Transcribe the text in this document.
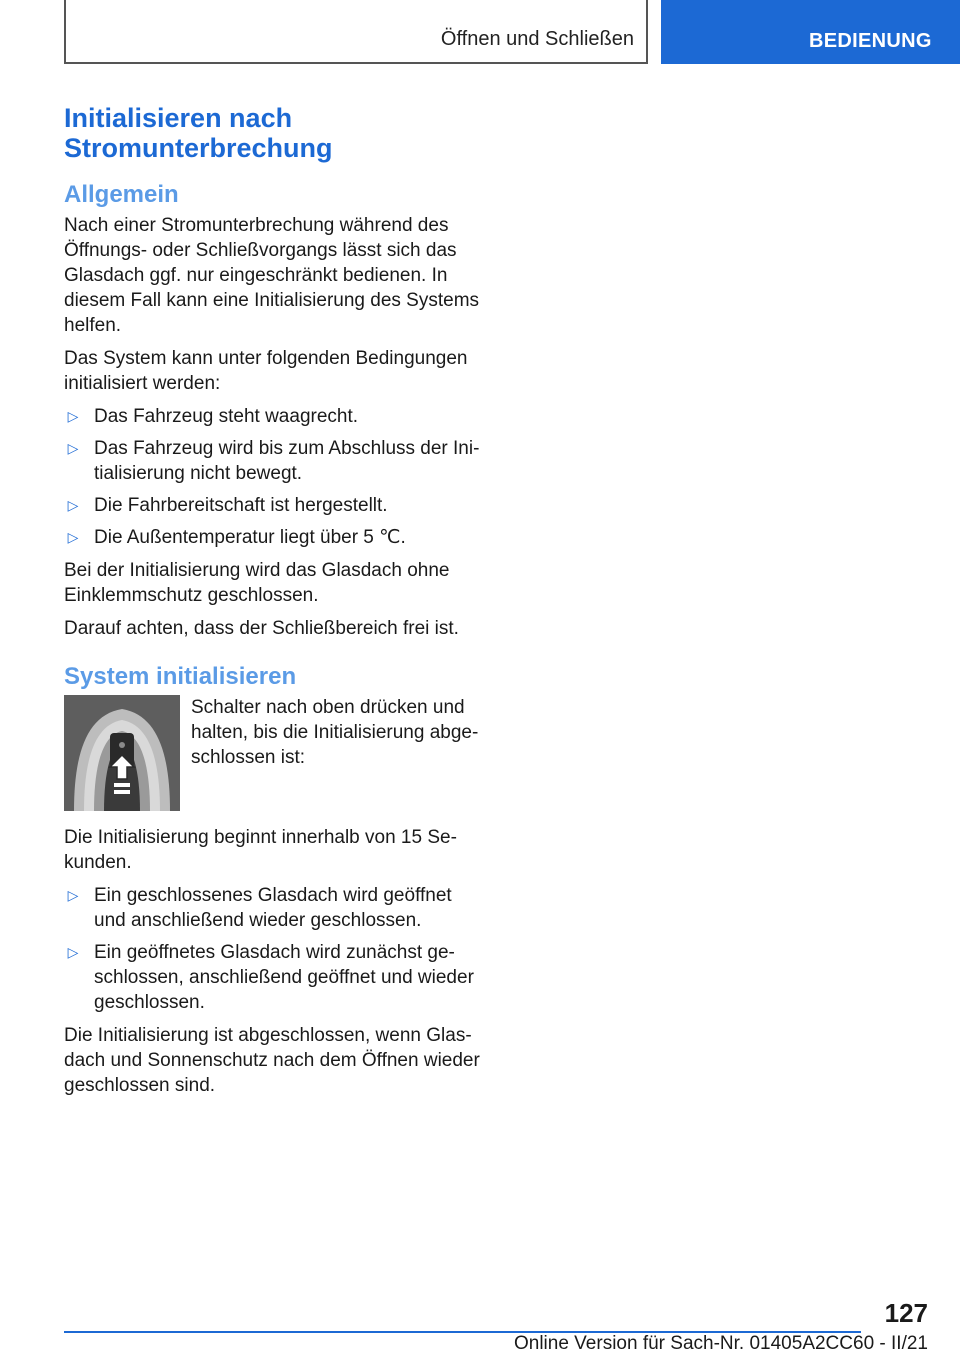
Öffnen und Schließen	BEDIENUNG
Initialisieren nach Stromunterbrechung
Allgemein

Nach einer Stromunterbrechung während des Öffnungs- oder Schließvorgangs lässt sich das Glasdach ggf. nur eingeschränkt bedienen. In diesem Fall kann eine Initialisierung des Systems helfen.

Das System kann unter folgenden Bedingungen initialisiert werden:

▷ Das Fahrzeug steht waagrecht.
▷ Das Fahrzeug wird bis zum Abschluss der Initialisierung nicht bewegt.
▷ Die Fahrbereitschaft ist hergestellt.
▷ Die Außentemperatur liegt über 5 ℃.

Bei der Initialisierung wird das Glasdach ohne Einklemmschutz geschlossen.

Darauf achten, dass der Schließbereich frei ist.

System initialisieren

Schalter nach oben drücken und halten, bis die Initialisierung abgeschlossen ist:

Die Initialisierung beginnt innerhalb von 15 Sekunden.

▷ Ein geschlossenes Glasdach wird geöffnet und anschließend wieder geschlossen.
▷ Ein geöffnetes Glasdach wird zunächst geschlossen, anschließend geöffnet und wieder geschlossen.

Die Initialisierung ist abgeschlossen, wenn Glasdach und Sonnenschutz nach dem Öffnen wieder geschlossen sind.

127
Online Version für Sach-Nr. 01405A2CC60 - II/21
